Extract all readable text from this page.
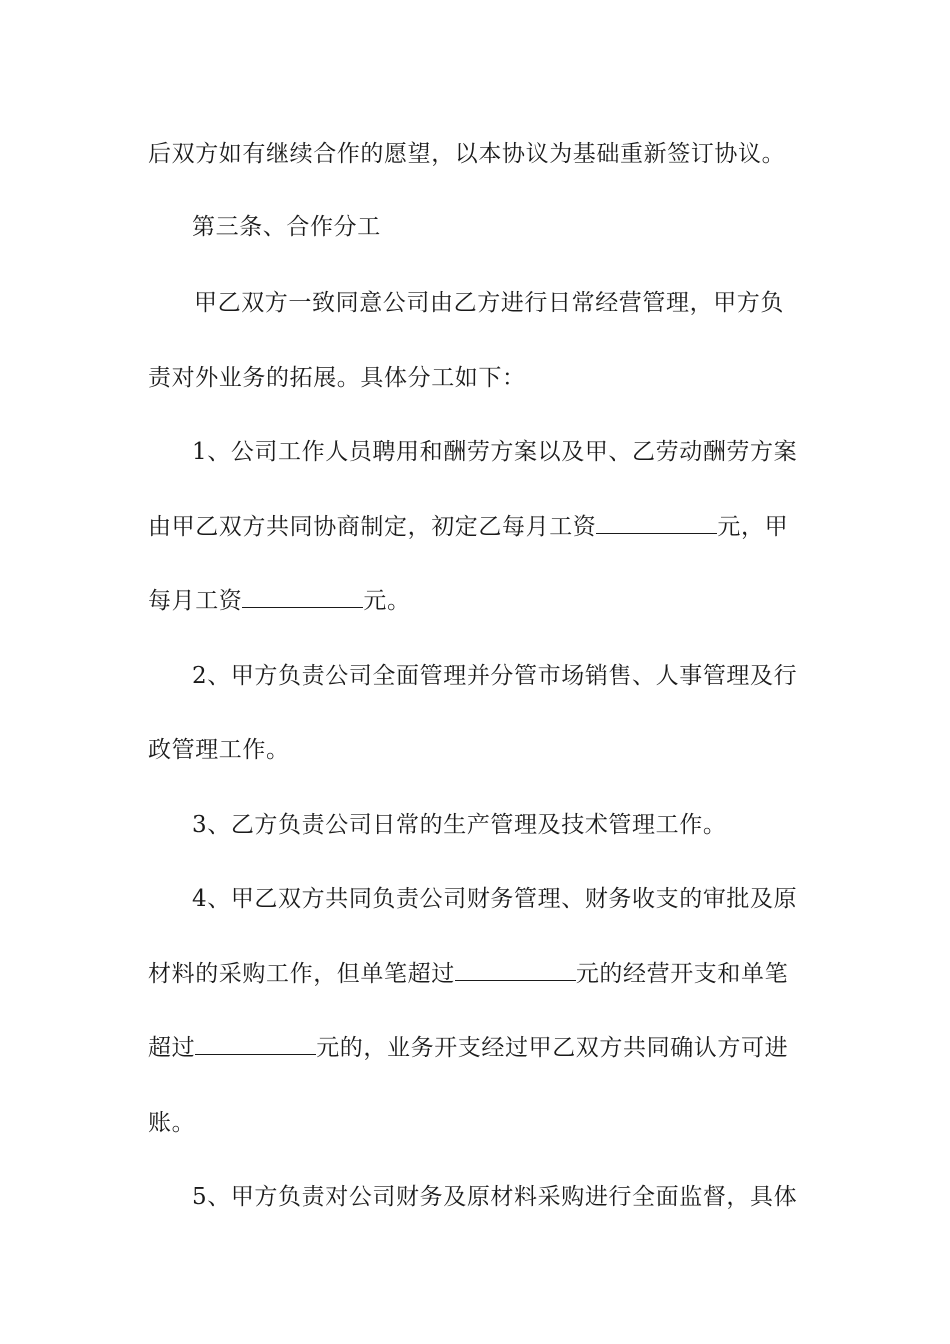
后双方如有继续合作的愿望，以本协议为基础重新签订协议。
第三条、合作分工
甲乙双方一致同意公司由乙方进行日常经营管理，甲方负
责对外业务的拓展。具体分工如下：
1、公司工作人员聘用和酬劳方案以及甲、乙劳动酬劳方案
由甲乙双方共同协商制定，初定乙每月工资	元，甲
每月工资	元。
2、甲方负责公司全面管理并分管市场销售、人事管理及行
政管理工作。
3、乙方负责公司日常的生产管理及技术管理工作。
4、甲乙双方共同负责公司财务管理、财务收支的审批及原
材料的采购工作，但单笔超过	元的经营开支和单笔
超过	元的，业务开支经过甲乙双方共同确认方可进
账。
5、甲方负责对公司财务及原材料采购进行全面监督，具体
